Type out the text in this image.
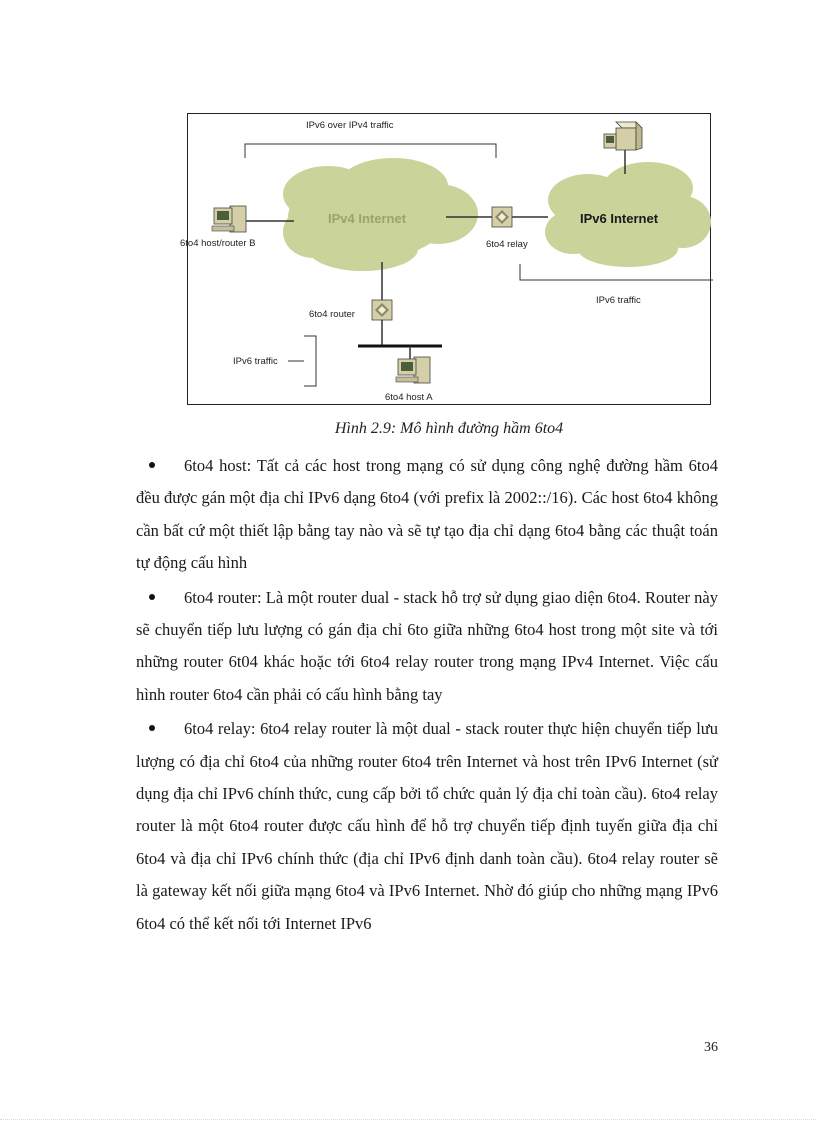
IPv6 over IPv4 traffic
IPv4 Internet	IPv6 Internet
6to4 host/router B	6to4 relay
IPv6 traffic
6to4 router
6to4 host A
IPv6 traffic
Hình 2.9: Mô hình đường hầm 6to4
6to4 host: Tất cả các host trong mạng có sử dụng công nghệ đường hầm 6to4 đều được gán một địa chỉ IPv6 dạng 6to4 (với prefix là 2002::/16). Các host 6to4 không cần bất cứ một thiết lập bằng tay nào và sẽ tự tạo địa chỉ dạng 6to4 bằng các thuật toán tự động cấu hình
6to4 router: Là một router dual - stack hỗ trợ sử dụng giao diện 6to4. Router này sẽ chuyển tiếp lưu lượng có gán địa chỉ 6to giữa những 6to4 host trong một site và tới những router 6t04 khác hoặc tới 6to4 relay router trong mạng IPv4 Internet. Việc cấu hình router 6to4 cần phải có cấu hình bằng tay
6to4 relay: 6to4 relay router là một dual - stack router thực hiện chuyển tiếp lưu lượng có địa chỉ 6to4 của những router 6to4 trên Internet và host trên IPv6 Internet (sử dụng địa chỉ IPv6 chính thức, cung cấp bởi tổ chức quản lý địa chỉ toàn cầu). 6to4 relay router là một 6to4 router được cấu hình để hỗ trợ chuyển tiếp định tuyến giữa địa chỉ 6to4 và địa chỉ IPv6 chính thức (địa chỉ IPv6 định danh toàn cầu). 6to4 relay router sẽ là gateway kết nối giữa mạng 6to4 và IPv6 Internet. Nhờ đó giúp cho những mạng IPv6 6to4 có thể kết nối tới Internet IPv6
36
